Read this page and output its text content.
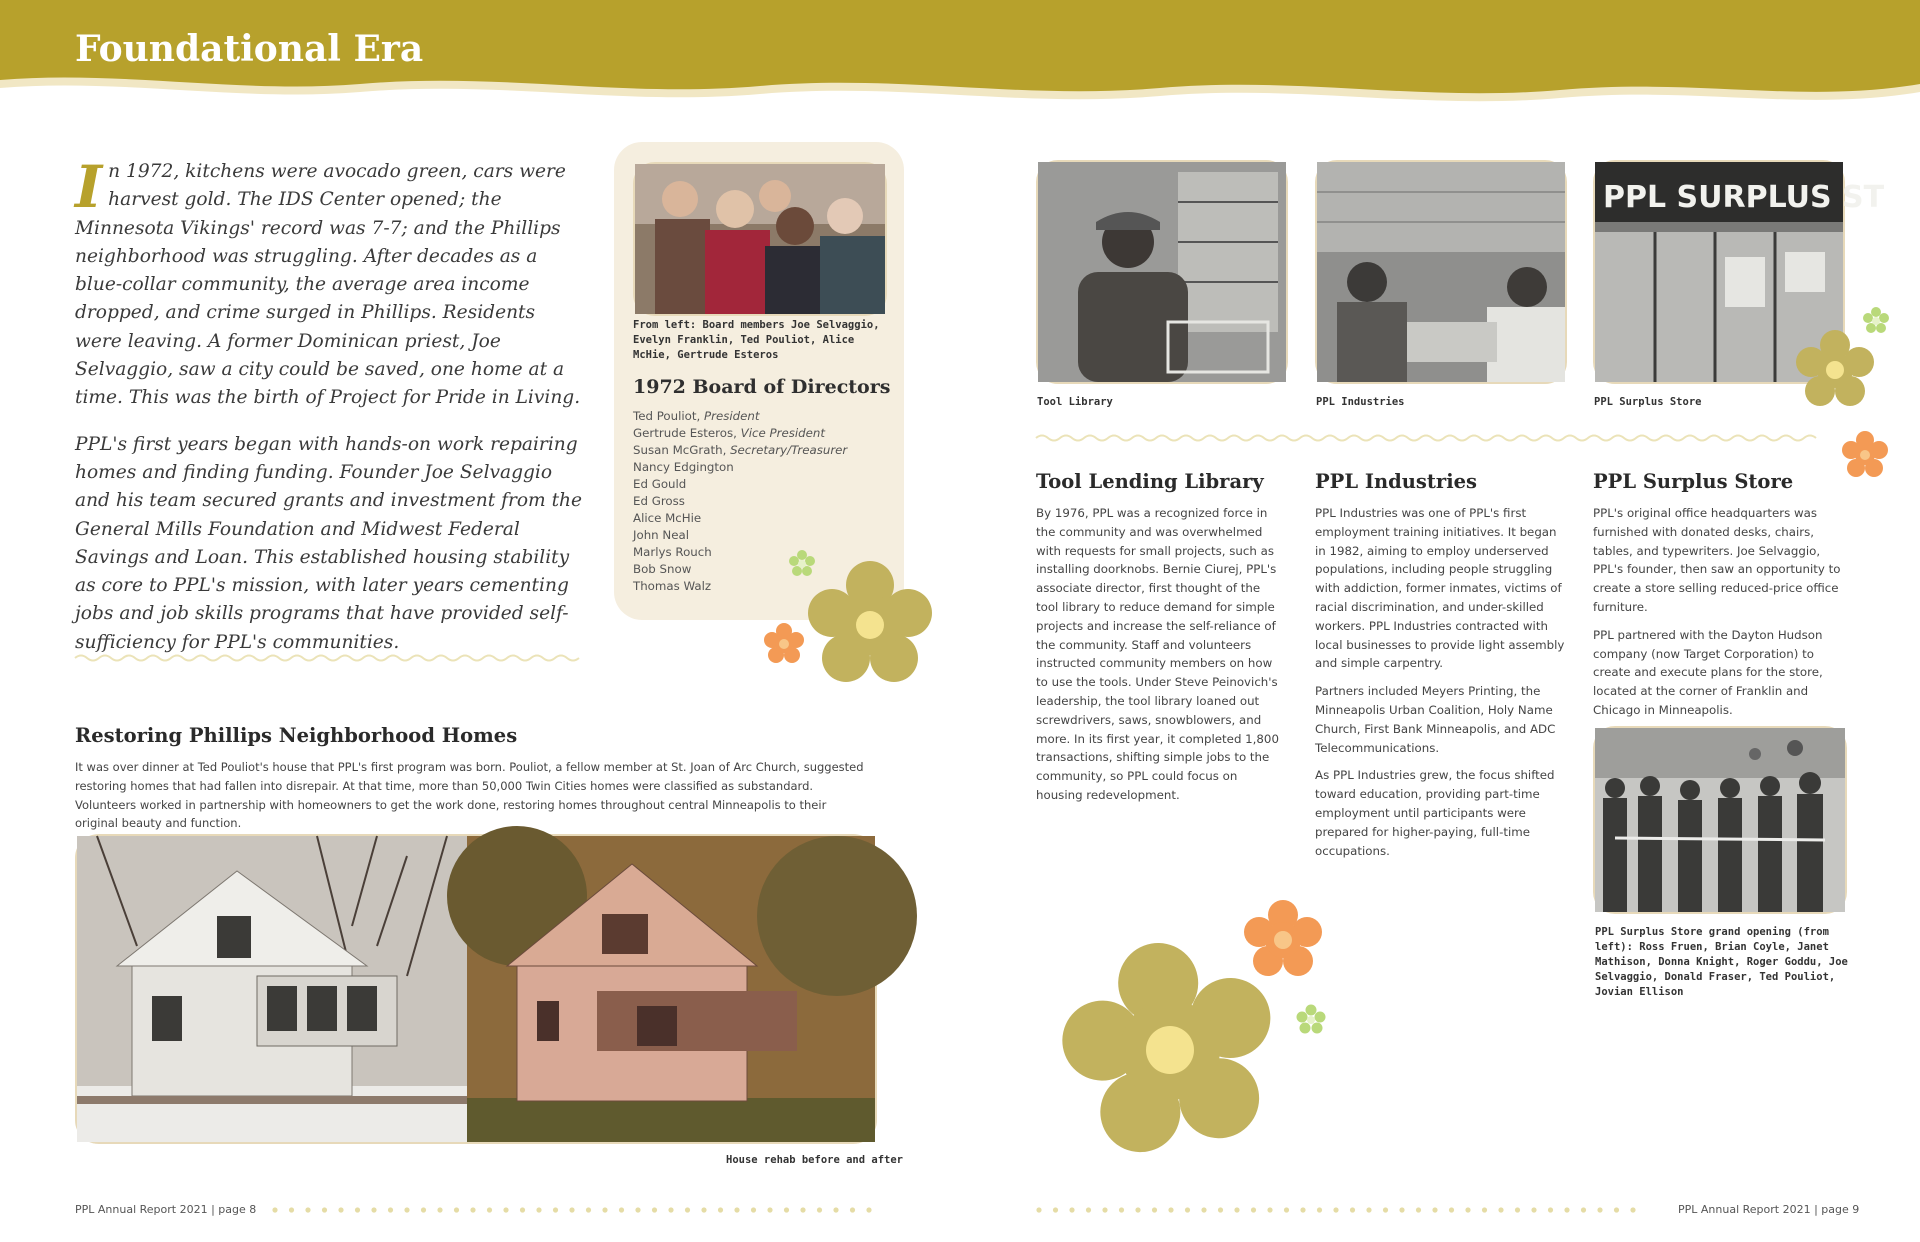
Foundational Era

In 1972, kitchens were avocado green, cars were harvest gold. The IDS Center opened; the Minnesota Vikings' record was 7-7; and the Phillips neighborhood was struggling. After decades as a blue-collar community, the average area income dropped, and crime surged in Phillips. Residents were leaving. A former Dominican priest, Joe Selvaggio, saw a city could be saved, one home at a time. This was the birth of Project for Pride in Living.

PPL's first years began with hands-on work repairing homes and finding funding. Founder Joe Selvaggio and his team secured grants and investment from the General Mills Foundation and Midwest Federal Savings and Loan. This established housing stability as core to PPL's mission, with later years cementing jobs and job skills programs that have provided self-sufficiency for PPL's communities.

From left: Board members Joe Selvaggio, Evelyn Franklin, Ted Pouliot, Alice McHie, Gertrude Esteros
1972 Board of Directors
Ted Pouliot, President
Gertrude Esteros, Vice President
Susan McGrath, Secretary/Treasurer
Nancy Edgington
Ed Gould
Ed Gross
Alice McHie
John Neal
Marlys Rouch
Bob Snow
Thomas Walz
Restoring Phillips Neighborhood Homes
It was over dinner at Ted Pouliot's house that PPL's first program was born. Pouliot, a fellow member at St. Joan of Arc Church, suggested restoring homes that had fallen into disrepair. At that time, more than 50,000 Twin Cities homes were classified as substandard. Volunteers worked in partnership with homeowners to get the work done, restoring homes throughout central Minneapolis to their original beauty and function.
House rehab before and after
PPL Annual Report 2021 | page 8
Tool Library	PPL Industries
PPL SURPLUS ST
PPL Surplus Store
Tool Lending Library

By 1976, PPL was a recognized force in the community and was overwhelmed with requests for small projects, such as installing doorknobs. Bernie Ciurej, PPL's associate director, first thought of the tool library to reduce demand for simple projects and increase the self-reliance of the community. Staff and volunteers instructed community members on how to use the tools. Under Steve Peinovich's leadership, the tool library loaned out screwdrivers, saws, snowblowers, and more. In its first year, it completed 1,800 transactions, shifting simple jobs to the community, so PPL could focus on housing redevelopment.

PPL Industries

PPL Industries was one of PPL's first employment training initiatives. It began in 1982, aiming to employ underserved populations, including people struggling with addiction, former inmates, victims of racial discrimination, and under-skilled workers. PPL Industries contracted with local businesses to provide light assembly and simple carpentry.

Partners included Meyers Printing, the Minneapolis Urban Coalition, Holy Name Church, First Bank Minneapolis, and ADC Telecommunications.

As PPL Industries grew, the focus shifted toward education, providing part-time employment until participants were prepared for higher-paying, full-time occupations.

PPL Surplus Store

PPL's original office headquarters was furnished with donated desks, chairs, tables, and typewriters. Joe Selvaggio, PPL's founder, then saw an opportunity to create a store selling reduced-price office furniture.

PPL partnered with the Dayton Hudson company (now Target Corporation) to create and execute plans for the store, located at the corner of Franklin and Chicago in Minneapolis.

PPL Surplus Store grand opening (from left): Ross Fruen, Brian Coyle, Janet Mathison, Donna Knight, Roger Goddu, Joe Selvaggio, Donald Fraser, Ted Pouliot, Jovian Ellison
PPL Annual Report 2021 | page 9
